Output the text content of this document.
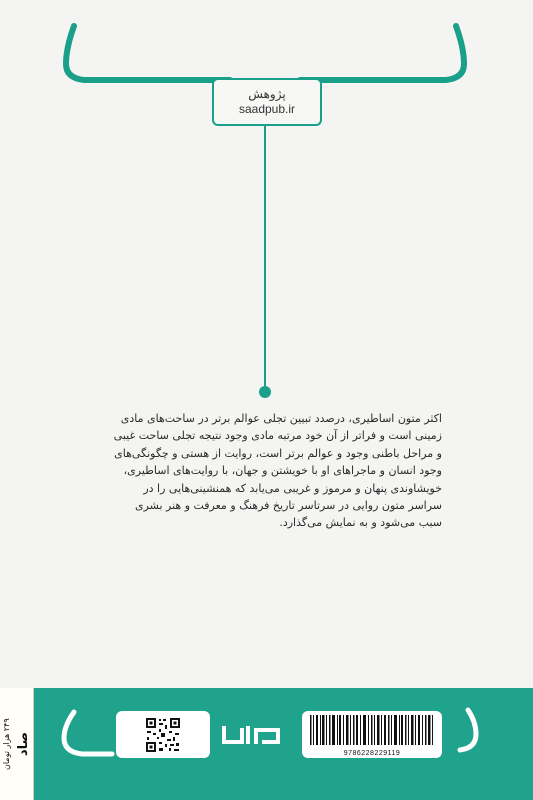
پژوهش
saadpub.ir
اکثر متون اساطیری، درصدد تبیین تجلی عوالم برتر در ساحت‌های مادی
زمینی است و فراتر از آن خود مرتبه مادی وجود نتیجه تجلی ساحت غیبی
و مراحل باطنی وجود و عوالم برتر است، روایت از هستی و چگونگی‌های
وجود انسان و ماجراهای او با خویشتن و جهان، با روایت‌های اساطیری،
خویشاوندی پنهان و مرموز و غریبی می‌یابد که همنشینی‌هایی را در
سراسر متون روایی در سرتاسر تاریخ فرهنگ و معرفت و هنر بشری
سبب می‌شود و به نمایش می‌گذارد.
9786228229119
۲۴۹ هزار تومان
صاد
